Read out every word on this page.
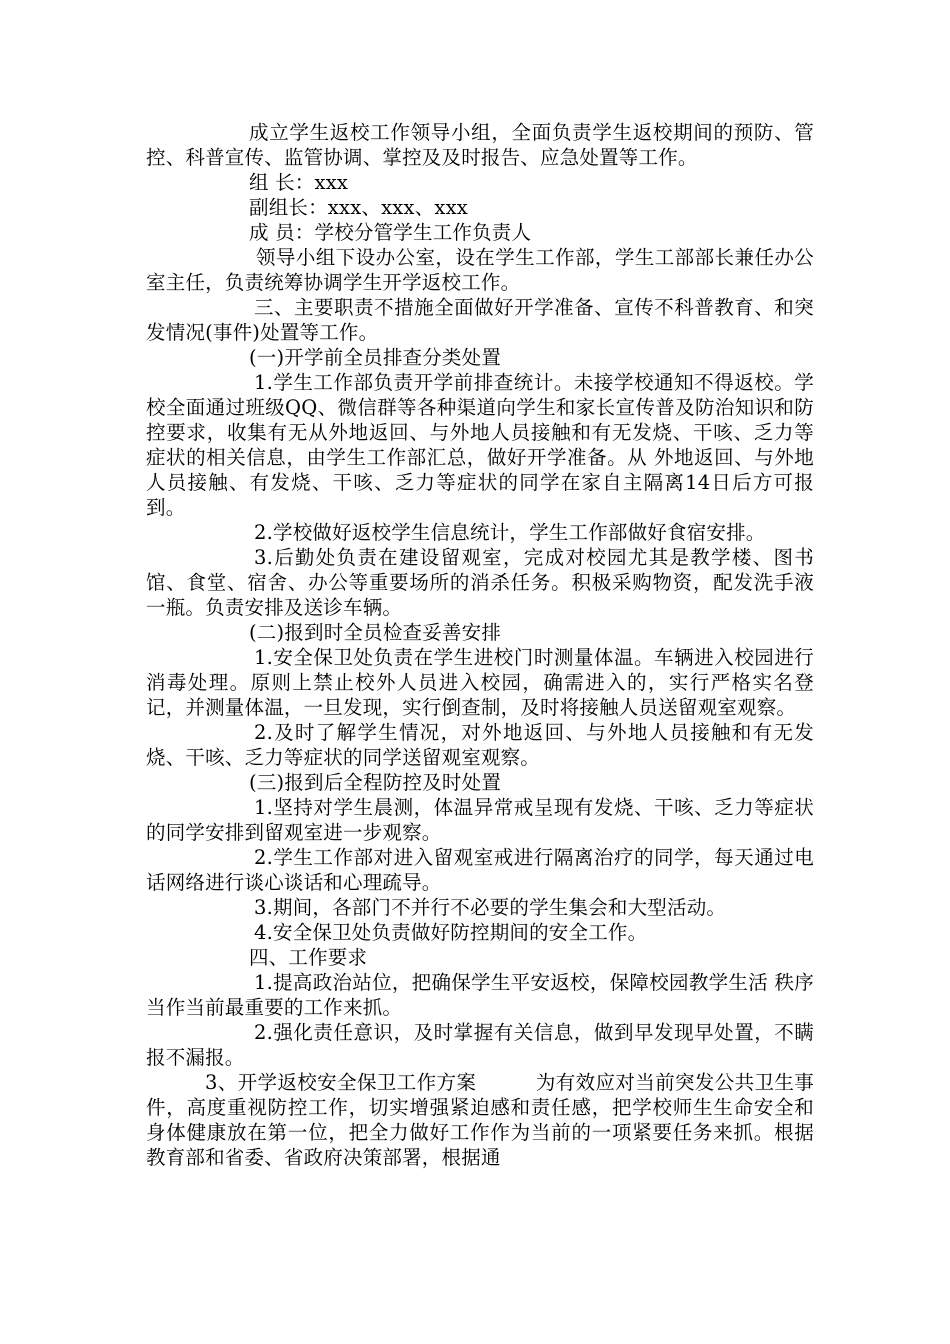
成立学生返校工作领导小组，全面负责学生返校期间的预防、管控、科普宣传、监管协调、掌控及及时报告、应急处置等工作。

组 长：xxx

副组长：xxx、xxx、xxx

成 员：学校分管学生工作负责人

领导小组下设办公室，设在学生工作部，学生工部部长兼任办公室主任，负责统筹协调学生开学返校工作。

三、主要职责不措施全面做好开学准备、宣传不科普教育、和突发情况(事件)处置等工作。

(一)开学前全员排查分类处置

1.学生工作部负责开学前排查统计。未接学校通知不得返校。学校全面通过班级QQ、微信群等各种渠道向学生和家长宣传普及防治知识和防控要求，收集有无从外地返回、与外地人员接触和有无发烧、干咳、乏力等症状的相关信息，由学生工作部汇总，做好开学准备。从 外地返回、与外地人员接触、有发烧、干咳、乏力等症状的同学在家自主隔离14日后方可报到。

2.学校做好返校学生信息统计，学生工作部做好食宿安排。

3.后勤处负责在建设留观室，完成对校园尤其是教学楼、图书馆、食堂、宿舍、办公等重要场所的消杀任务。积极采购物资，配发洗手液一瓶。负责安排及送诊车辆。

(二)报到时全员检查妥善安排

1.安全保卫处负责在学生进校门时测量体温。车辆进入校园进行消毒处理。原则上禁止校外人员进入校园，确需进入的，实行严格实名登记，并测量体温，一旦发现，实行倒查制，及时将接触人员送留观室观察。

2.及时了解学生情况，对外地返回、与外地人员接触和有无发烧、干咳、乏力等症状的同学送留观室观察。

(三)报到后全程防控及时处置

1.坚持对学生晨测，体温异常戒呈现有发烧、干咳、乏力等症状的同学安排到留观室进一步观察。

2.学生工作部对进入留观室戒进行隔离治疗的同学，每天通过电话网络进行谈心谈话和心理疏导。

3.期间，各部门不并行不必要的学生集会和大型活动。

4.安全保卫处负责做好防控期间的安全工作。

四、工作要求

1.提高政治站位，把确保学生平安返校，保障校园教学生活 秩序当作当前最重要的工作来抓。

2.强化责任意识，及时掌握有关信息，做到早发现早处置，不瞒报不漏报。

3、开学返校安全保卫工作方案　　　为有效应对当前突发公共卫生事件，高度重视防控工作，切实增强紧迫感和责任感，把学校师生生命安全和身体健康放在第一位，把全力做好工作作为当前的一项紧要任务来抓。根据教育部和省委、省政府决策部署，根据通
